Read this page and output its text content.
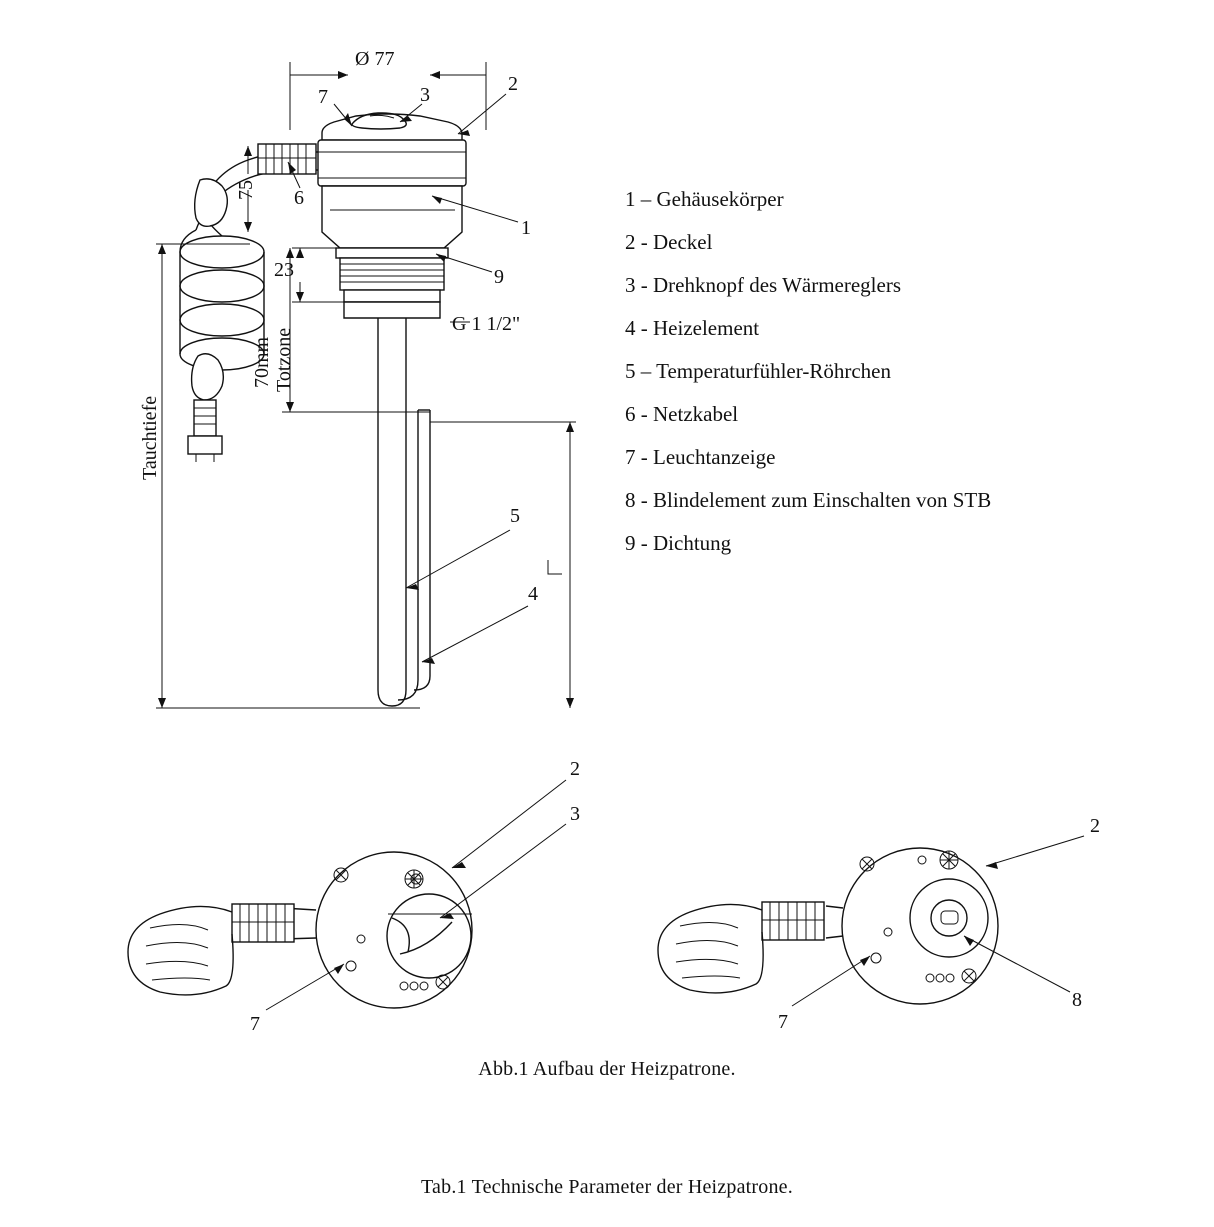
Ø 77
75
23
70mm Totzone
Tauchtiefe
G 1 1/2"
7	3	2
6
1
9
5
4
2
3
7
2
7
8
1 – Gehäusekörper
2 - Deckel
3 - Drehknopf des Wärmereglers
4 - Heizelement
5 – Temperaturfühler-Röhrchen
6 - Netzkabel
7 - Leuchtanzeige
8 - Blindelement zum Einschalten von STB
9 - Dichtung
Abb.1 Aufbau der Heizpatrone.
Tab.1 Technische Parameter der Heizpatrone.
